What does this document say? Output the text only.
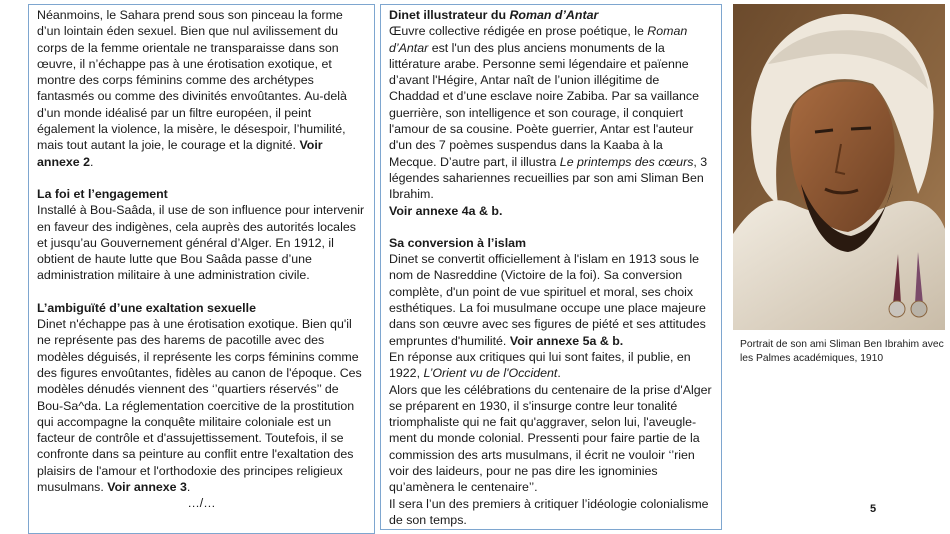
Néanmoins, le Sahara prend sous son pinceau la forme d’un lointain éden sexuel. Bien que nul avilissement du corps de la femme orientale ne transparaisse dans son œuvre, il n’échappe pas à une érotisation exotique, et montre des corps féminins comme des archétypes fantasmés ou comme des divinités envoûtantes. Au-delà d’un monde idéalisé par un filtre européen, il peint également la violence, la misère, le désespoir, l’humilité, mais tout autant la joie, le courage et la dignité. Voir annexe 2.

La foi et l’engagement

Installé à Bou-Saâda, il use de son influence pour intervenir en faveur des indigènes, cela auprès des autorités locales et jusqu’au Gouvernement général d’Alger. En 1912, il obtient de haute lutte que Bou Saâda passe d’une administration militaire à une administration civile.

L’ambiguïté d’une exaltation sexuelle

Dinet n'échappe pas à une érotisation exotique. Bien qu'il ne représente pas des harems de pacotille avec des modèles déguisés, il représente les corps féminins comme des figures envoûtantes, fidèles au canon de l'époque. Ces modèles dénudés viennent des ‘’quartiers réservés’’ de Bou-Sa^da. La réglementation coercitive de la prostitution qui accompagne la conquête militaire coloniale est un facteur de contrôle et d'assujettissement. Toutefois, il se confronte dans sa peinture au conflit entre l'exaltation des plaisirs de l'amour et l'orthodoxie des principes religieux musulmans. Voir annexe 3.

…/…

Dinet illustrateur du Roman d’Antar

Œuvre collective rédigée en prose poétique, le Roman d’Antar est l'un des plus anciens monuments de la littérature arabe. Personne semi légendaire et païenne d’avant l'Hégire, Antar naît de l’union illégitime de Chaddad et d’une esclave noire Zabiba. Par sa vaillance guerrière, son intelligence et son courage, il conquiert l'amour de sa cousine. Poète guerrier, Antar est l'auteur d'un des 7 poèmes suspendus dans la Kaaba à la Mecque. D’autre part, il illustra Le printemps des cœurs, 3 légendes sahariennes recueillies par son ami Sliman Ben Ibrahim.

Voir annexe 4a & b.

Sa conversion à l’islam

Dinet se convertit officiellement à l'islam en 1913 sous le nom de Nasreddine (Victoire de la foi). Sa conversion complète, d'un point de vue spirituel et moral, ses choix esthétiques. La foi musulmane occupe une place majeure dans son œuvre avec ses figures de piété et ses attitudes empruntes d'humilité. Voir annexe 5a & b.

En réponse aux critiques qui lui sont faites, il publie, en 1922, L’Orient vu de l'Occident.

Alors que les célébrations du centenaire de la prise d'Alger se préparent en 1930, il s'insurge contre leur tonalité triomphaliste qui ne fait qu'aggraver, selon lui, l'aveugle-ment du monde colonial. Pressenti pour faire partie de la commission des arts musulmans, il écrit ne vouloir ‘’rien voir des laideurs, pour ne pas dire les ignominies qu’amènera le centenaire’’.

Il sera l’un des premiers à critiquer l’idéologie colonialisme de son temps.

Portrait de son ami Sliman Ben Ibrahim avec les Palmes académiques, 1910
5
